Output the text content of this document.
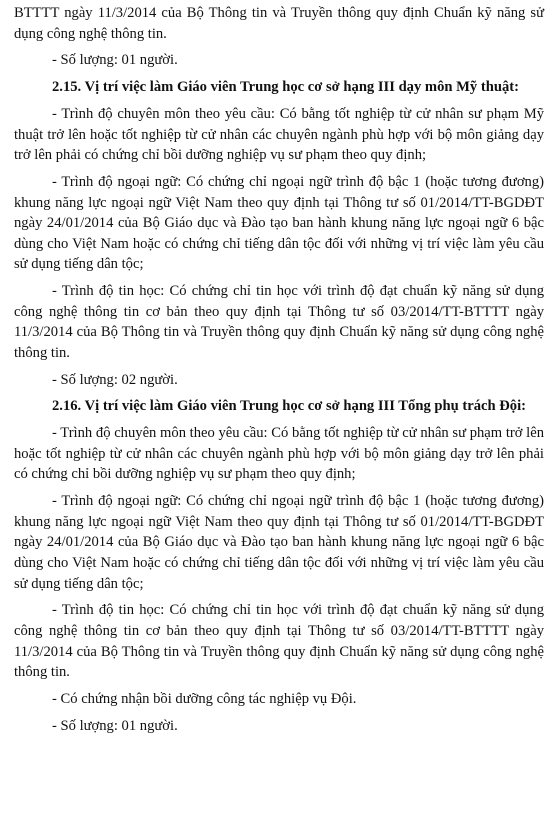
BTTTT ngày 11/3/2014 của Bộ Thông tin và Truyền thông quy định Chuẩn kỹ năng sử dụng công nghệ thông tin.

- Số lượng: 01 người.

2.15. Vị trí việc làm Giáo viên Trung học cơ sở hạng III dạy môn Mỹ thuật:

- Trình độ chuyên môn theo yêu cầu: Có bằng tốt nghiệp từ cử nhân sư phạm Mỹ thuật trở lên hoặc tốt nghiệp từ cử nhân các chuyên ngành phù hợp với bộ môn giảng dạy trở lên phải có chứng chỉ bồi dưỡng nghiệp vụ sư phạm theo quy định;

- Trình độ ngoại ngữ: Có chứng chỉ ngoại ngữ trình độ bậc 1 (hoặc tương đương) khung năng lực ngoại ngữ Việt Nam theo quy định tại Thông tư số 01/2014/TT-BGDĐT ngày 24/01/2014 của Bộ Giáo dục và Đào tạo ban hành khung năng lực ngoại ngữ 6 bậc dùng cho Việt Nam hoặc có chứng chỉ tiếng dân tộc đối với những vị trí việc làm yêu cầu sử dụng tiếng dân tộc;

- Trình độ tin học: Có chứng chỉ tin học với trình độ đạt chuẩn kỹ năng sử dụng công nghệ thông tin cơ bản theo quy định tại Thông tư số 03/2014/TT-BTTTT ngày 11/3/2014 của Bộ Thông tin và Truyền thông quy định Chuẩn kỹ năng sử dụng công nghệ thông tin.

- Số lượng: 02 người.

2.16. Vị trí việc làm Giáo viên Trung học cơ sở hạng III Tổng phụ trách Đội:

- Trình độ chuyên môn theo yêu cầu: Có bằng tốt nghiệp từ cử nhân sư phạm trở lên hoặc tốt nghiệp từ cử nhân các chuyên ngành phù hợp với bộ môn giảng dạy trở lên phải có chứng chỉ bồi dưỡng nghiệp vụ sư phạm theo quy định;

- Trình độ ngoại ngữ: Có chứng chỉ ngoại ngữ trình độ bậc 1 (hoặc tương đương) khung năng lực ngoại ngữ Việt Nam theo quy định tại Thông tư số 01/2014/TT-BGDĐT ngày 24/01/2014 của Bộ Giáo dục và Đào tạo ban hành khung năng lực ngoại ngữ 6 bậc dùng cho Việt Nam hoặc có chứng chỉ tiếng dân tộc đối với những vị trí việc làm yêu cầu sử dụng tiếng dân tộc;

- Trình độ tin học: Có chứng chỉ tin học với trình độ đạt chuẩn kỹ năng sử dụng công nghệ thông tin cơ bản theo quy định tại Thông tư số 03/2014/TT-BTTTT ngày 11/3/2014 của Bộ Thông tin và Truyền thông quy định Chuẩn kỹ năng sử dụng công nghệ thông tin.

- Có chứng nhận bồi dưỡng công tác nghiệp vụ Đội.

- Số lượng: 01 người.
